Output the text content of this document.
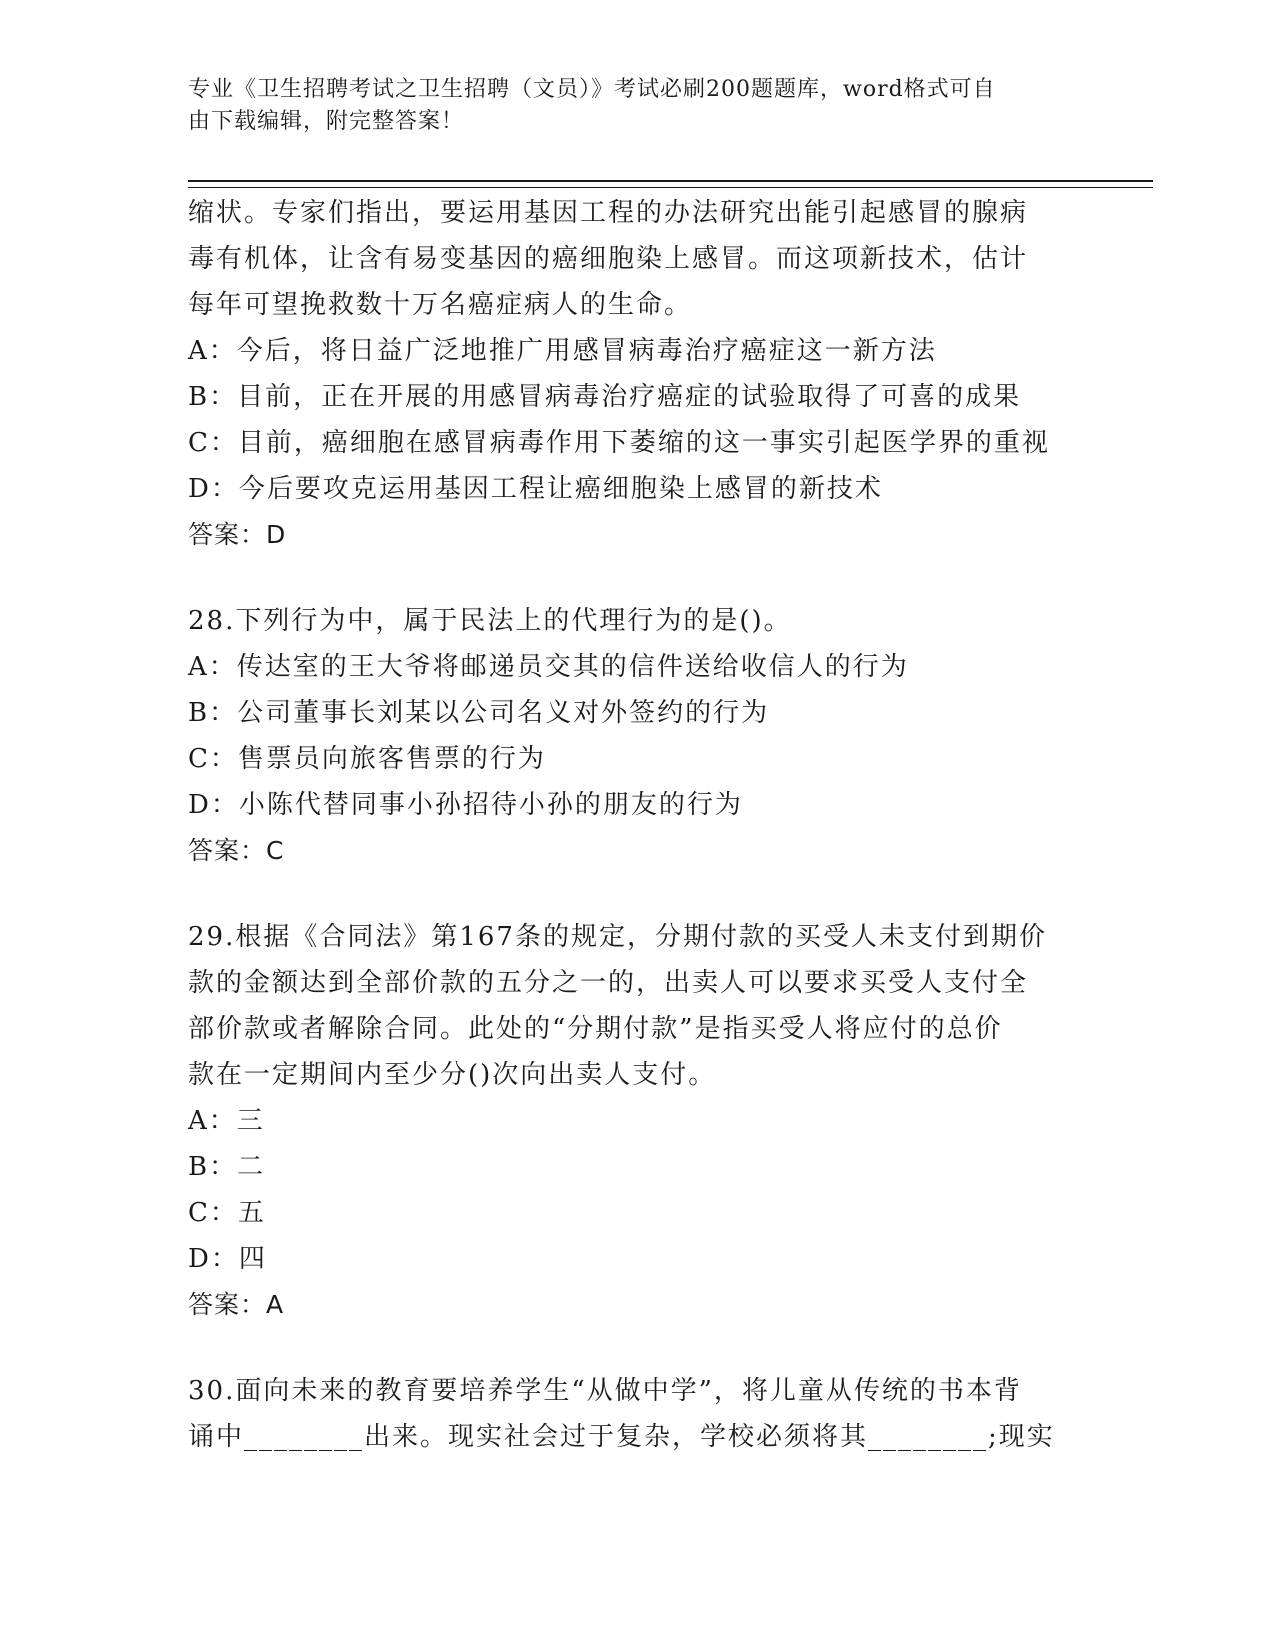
专业《卫生招聘考试之卫生招聘（文员）》考试必刷200题题库，word格式可自
由下载编辑，附完整答案！
缩状。专家们指出，要运用基因工程的办法研究出能引起感冒的腺病
毒有机体，让含有易变基因的癌细胞染上感冒。而这项新技术，估计
每年可望挽救数十万名癌症病人的生命。
A：今后，将日益广泛地推广用感冒病毒治疗癌症这一新方法
B：目前，正在开展的用感冒病毒治疗癌症的试验取得了可喜的成果
C：目前，癌细胞在感冒病毒作用下萎缩的这一事实引起医学界的重视
D：今后要攻克运用基因工程让癌细胞染上感冒的新技术
答案：D
28.下列行为中，属于民法上的代理行为的是()。
A：传达室的王大爷将邮递员交其的信件送给收信人的行为
B：公司董事长刘某以公司名义对外签约的行为
C：售票员向旅客售票的行为
D：小陈代替同事小孙招待小孙的朋友的行为
答案：C
29.根据《合同法》第167条的规定，分期付款的买受人未支付到期价
款的金额达到全部价款的五分之一的，出卖人可以要求买受人支付全
部价款或者解除合同。此处的“分期付款”是指买受人将应付的总价
款在一定期间内至少分()次向出卖人支付。
A：三
B：二
C：五
D：四
答案：A
30.面向未来的教育要培养学生“从做中学”，将儿童从传统的书本背
诵中________出来。现实社会过于复杂，学校必须将其________;现实
